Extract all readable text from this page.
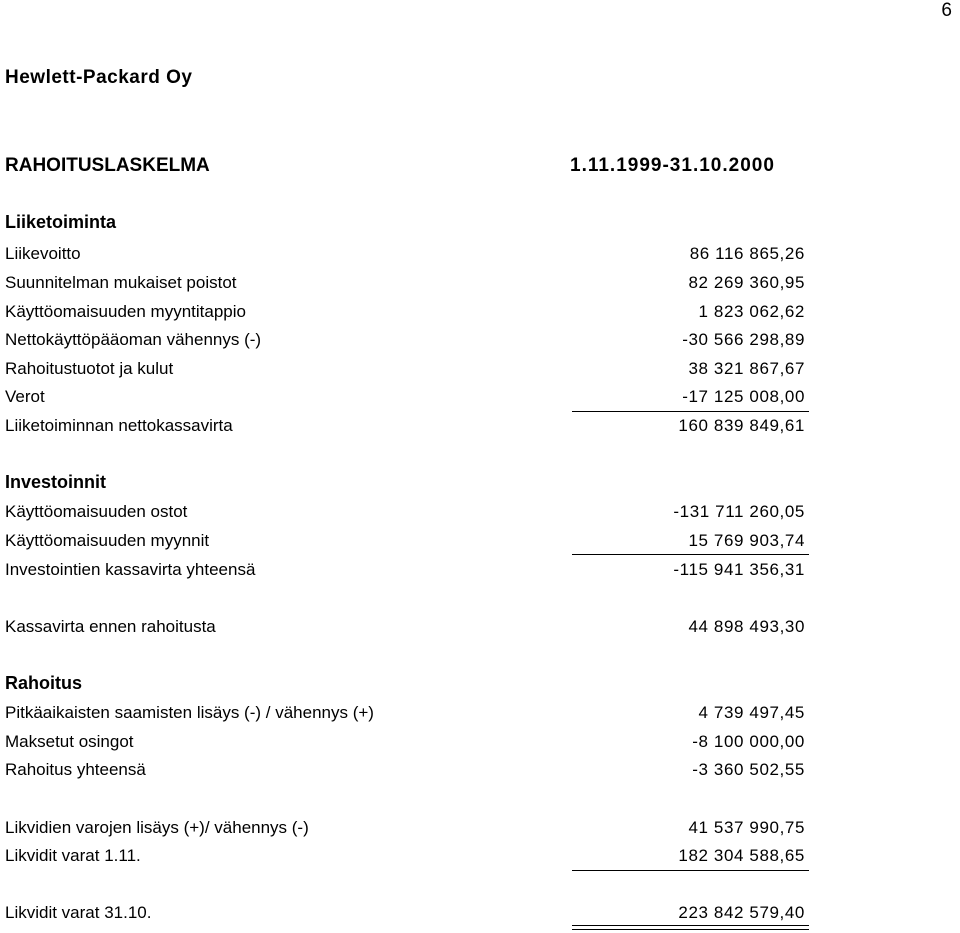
6
Hewlett-Packard Oy
RAHOITUSLASKELMA	1.11.1999-31.10.2000
Liiketoiminta
Liikevoitto	86 116 865,26
Suunnitelman mukaiset poistot	82 269 360,95
Käyttöomaisuuden myyntitappio	1 823 062,62
Nettokäyttöpääoman vähennys (-)	-30 566 298,89
Rahoitustuotot ja kulut	38 321 867,67
Verot	-17 125 008,00
Liiketoiminnan nettokassavirta	160 839 849,61
Investoinnit
Käyttöomaisuuden ostot	-131 711 260,05
Käyttöomaisuuden myynnit	15 769 903,74
Investointien kassavirta yhteensä	-115 941 356,31
Kassavirta ennen rahoitusta	44 898 493,30
Rahoitus
Pitkäaikaisten saamisten lisäys (-) / vähennys (+)	4 739 497,45
Maksetut osingot	-8 100 000,00
Rahoitus yhteensä	-3 360 502,55
Likvidien varojen lisäys (+)/ vähennys (-)	41 537 990,75
Likvidit varat 1.11.	182 304 588,65
Likvidit varat 31.10.	223 842 579,40
